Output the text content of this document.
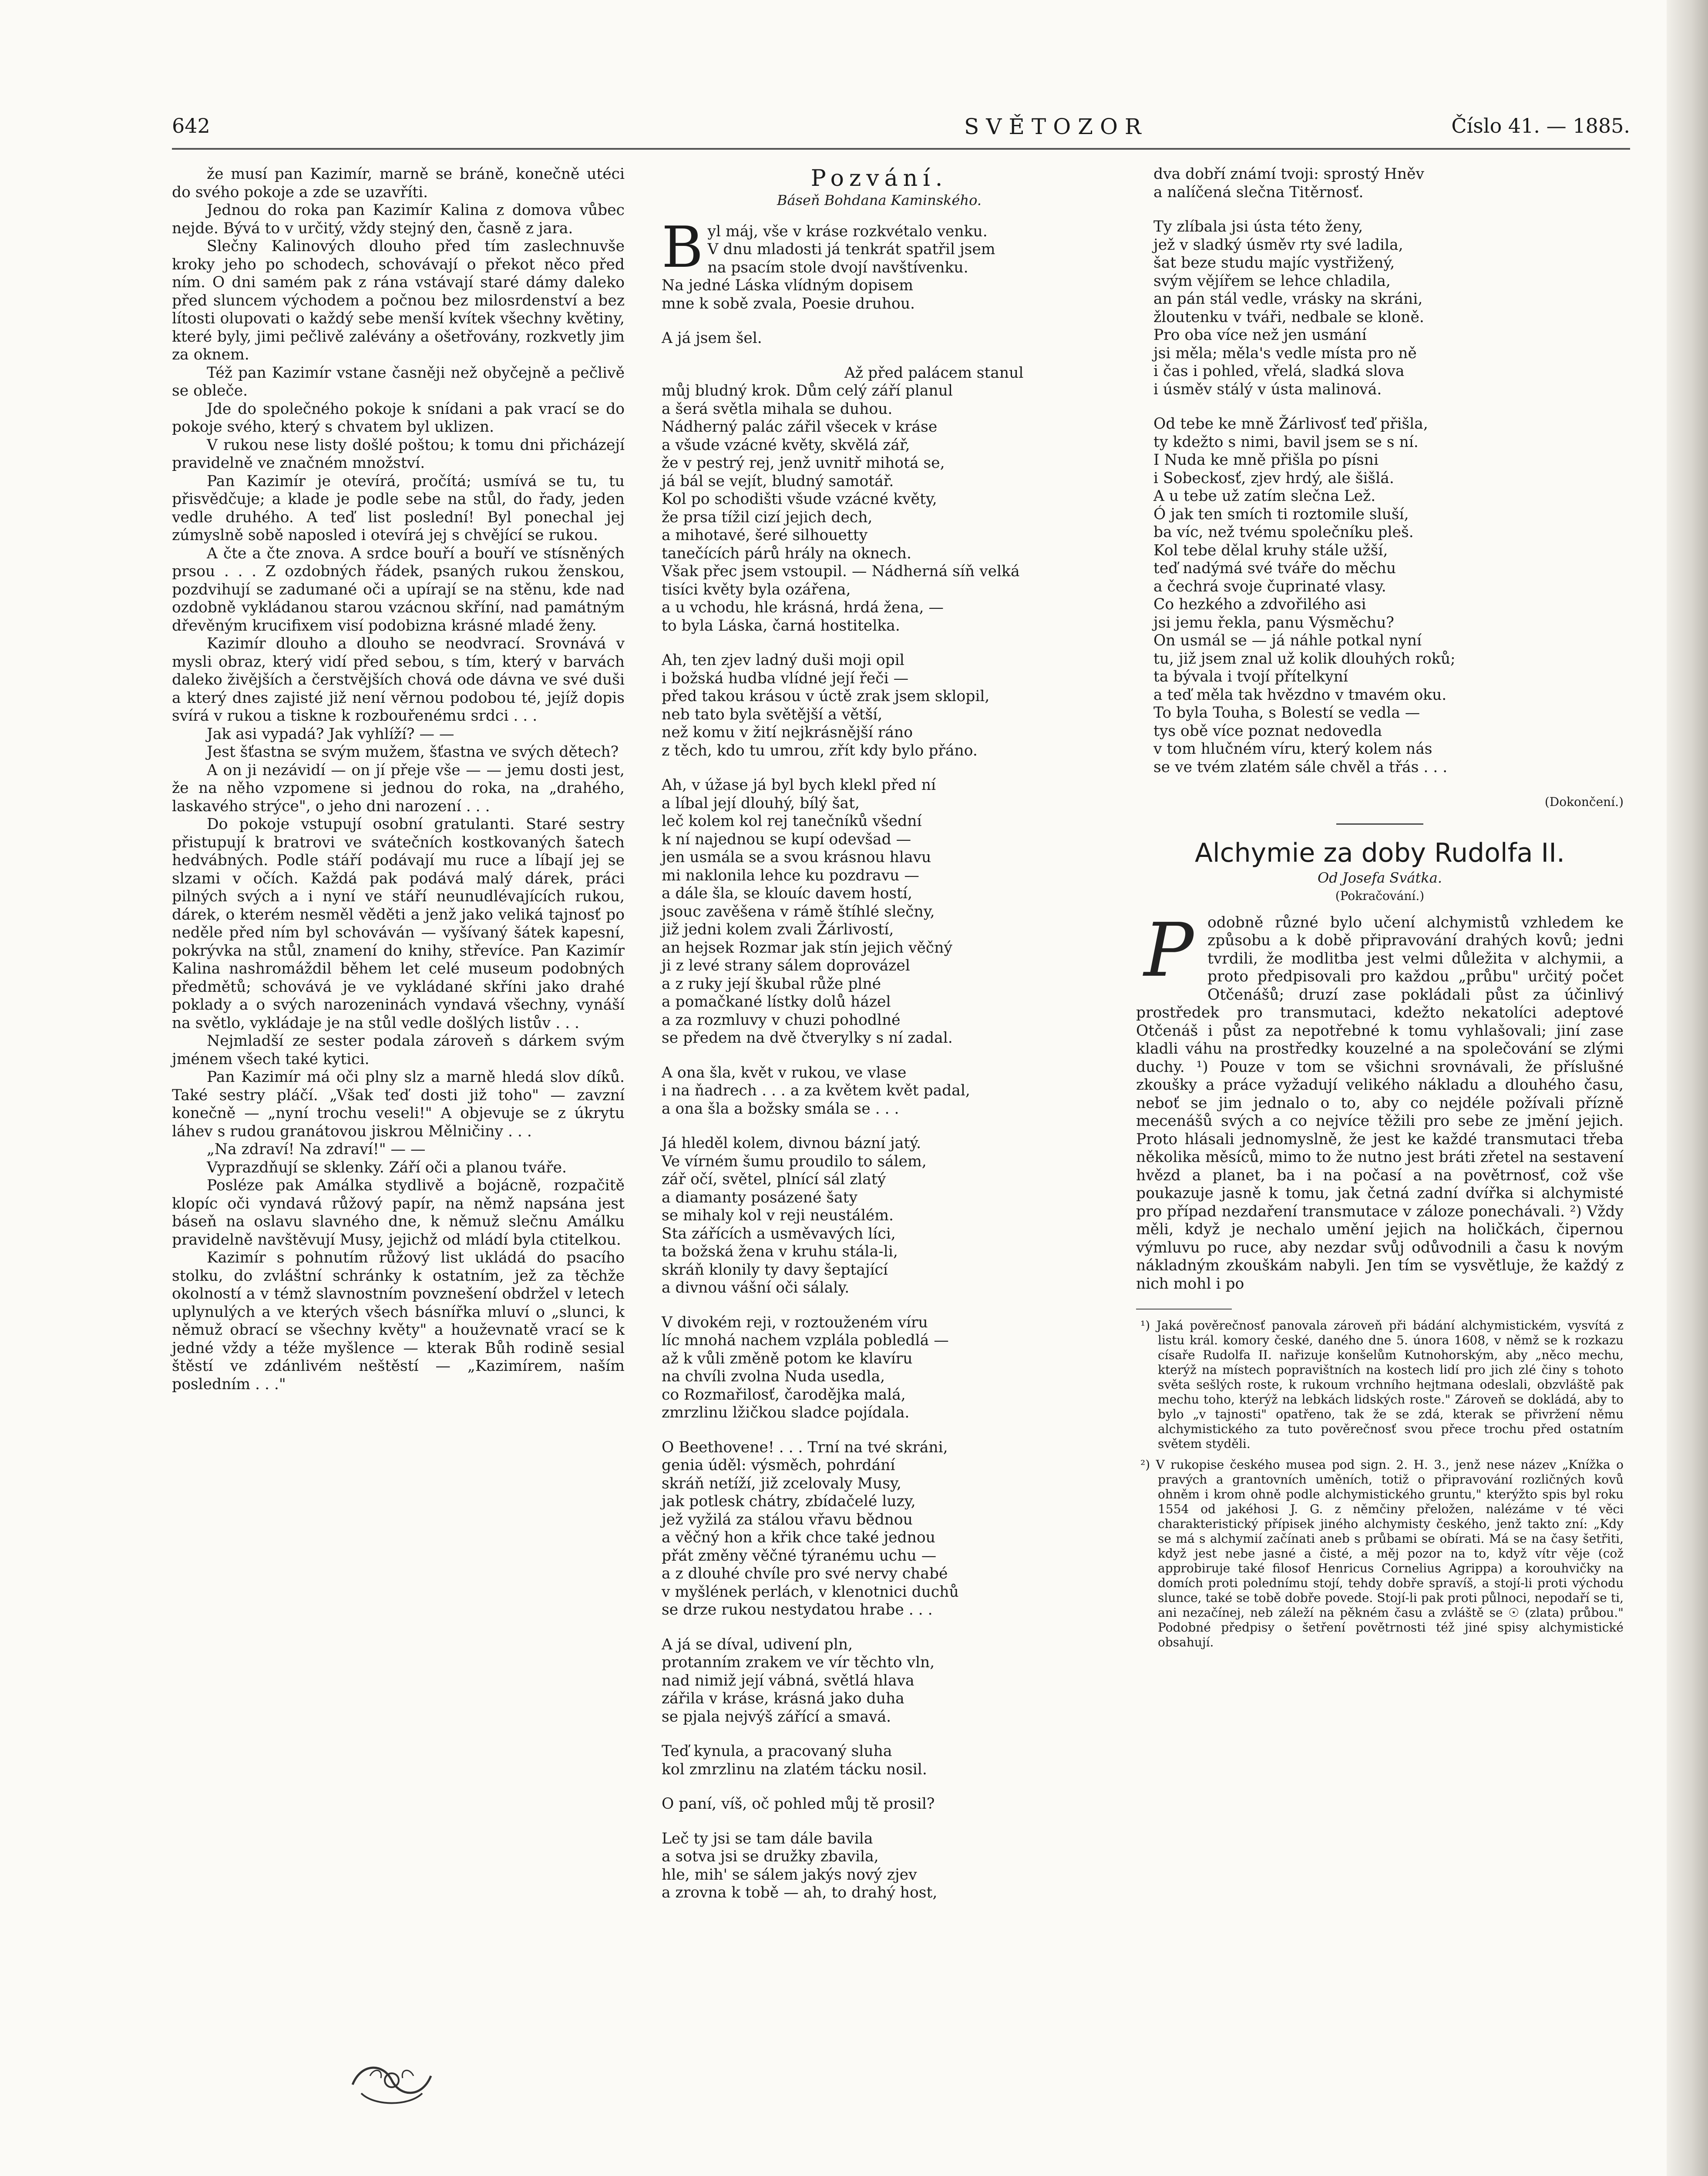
642	SVĚTOZOR	Číslo 41. — 1885.

že musí pan Kazimír, marně se bráně, konečně utéci do svého pokoje a zde se uzavříti.

Jednou do roka pan Kazimír Kalina z domova vůbec nejde. Bývá to v určitý, vždy stejný den, časně z jara.

Slečny Kalinových dlouho před tím zaslechnuvše kroky jeho po schodech, schovávají o překot něco před ním. O dni samém pak z rána vstávají staré dámy daleko před sluncem východem a počnou bez milosrdenství a bez lítosti olupovati o každý sebe menší kvítek všechny květiny, které byly, jimi pečlivě zalévány a ošetřovány, rozkvetly jim za oknem.

Též pan Kazimír vstane časněji než obyčejně a pečlivě se obleče.

Jde do společného pokoje k snídani a pak vrací se do pokoje svého, který s chvatem byl uklizen.

V rukou nese listy došlé poštou; k tomu dni přicházejí pravidelně ve značném množství.

Pan Kazimír je otevírá, pročítá; usmívá se tu, tu přisvědčuje; a klade je podle sebe na stůl, do řady, jeden vedle druhého. A teď list poslední! Byl ponechal jej zúmyslně sobě naposled i otevírá jej s chvějící se rukou.

A čte a čte znova. A srdce bouří a bouří ve stísněných prsou . . . Z ozdobných řádek, psaných rukou ženskou, pozdvihují se zadumané oči a upírají se na stěnu, kde nad ozdobně vykládanou starou vzácnou skříní, nad památným dřevěným krucifixem visí podobizna krásné mladé ženy.

Kazimír dlouho a dlouho se neodvrací. Srovnává v mysli obraz, který vidí před sebou, s tím, který v barvách daleko živějších a čerstvějších chová ode dávna ve své duši a který dnes zajisté již není věrnou podobou té, jejíž dopis svírá v rukou a tiskne k rozbouřenému srdci . . .

Jak asi vypadá? Jak vyhlíží? — —

Jest šťastna se svým mužem, šťastna ve svých dětech?

A on ji nezávidí — on jí přeje vše — — jemu dosti jest, že na něho vzpomene si jednou do roka, na „drahého, laskavého strýce", o jeho dni narození . . .

Do pokoje vstupují osobní gratulanti. Staré sestry přistupují k bratrovi ve svátečních kostkovaných šatech hedvábných. Podle stáří podávají mu ruce a líbají jej se slzami v očích. Každá pak podává malý dárek, práci pilných svých a i nyní ve stáří neunudlévajících rukou, dárek, o kterém nesměl věděti a jenž jako veliká tajnosť po neděle před ním byl schováván — vyšívaný šátek kapesní, pokrývka na stůl, znamení do knihy, střevíce. Pan Kazimír Kalina nashromáždil během let celé museum podobných předmětů; schovává je ve vykládané skříni jako drahé poklady a o svých narozeninách vyndavá všechny, vynáší na světlo, vykládaje je na stůl vedle došlých listův . . .

Nejmladší ze sester podala zároveň s dárkem svým jménem všech také kytici.

Pan Kazimír má oči plny slz a marně hledá slov díků. Také sestry pláčí. „Však teď dosti již toho" — zavzní konečně — „nyní trochu veseli!" A objevuje se z úkrytu láhev s rudou granátovou jiskrou Mělničiny . . .

„Na zdraví! Na zdraví!" — —

Vyprazdňují se sklenky. Září oči a planou tváře.

Posléze pak Amálka stydlivě a bojácně, rozpačitě klopíc oči vyndavá růžový papír, na němž napsána jest báseň na oslavu slavného dne, k němuž slečnu Amálku pravidelně navštěvují Musy, jejichž od mládí byla ctitelkou.

Kazimír s pohnutím růžový list ukládá do psacího stolku, do zvláštní schránky k ostatním, jež za těchže okolností a v témž slavnostním povznešení obdržel v letech uplynulých a ve kterých všech básnířka mluví o „slunci, k němuž obrací se všechny květy" a houževnatě vrací se k jedné vždy a téže myšlence — kterak Bůh rodině sesial štěstí ve zdánlivém neštěstí — „Kazimírem, naším posledním . . ."

Pozvání.
Báseň Bohdana Kaminského.
Byl máj, vše v kráse rozkvétalo venku.
V dnu mladosti já tenkrát spatřil jsem
na psacím stole dvojí navštívenku.
Na jedné Láska vlídným dopisem
mne k sobě zvala, Poesie druhou.
A já jsem šel.
Až před palácem stanul
můj bludný krok. Dům celý září planul
a šerá světla mihala se duhou.
Nádherný palác zářil všecek v kráse
a všude vzácné květy, skvělá zář,
že v pestrý rej, jenž uvnitř mihotá se,
já bál se vejít, bludný samotář.
Kol po schodišti všude vzácné květy,
že prsa tížil cizí jejich dech,
a mihotavé, šeré silhouetty
tanečících párů hrály na oknech.
Však přec jsem vstoupil. — Nádherná síň velká
tisíci květy byla ozářena,
a u vchodu, hle krásná, hrdá žena, —
to byla Láska, čarná hostitelka.
Ah, ten zjev ladný duši moji opil
i božská hudba vlídné její řeči —
před takou krásou v úctě zrak jsem sklopil,
neb tato byla světější a větší,
než komu v žití nejkrásnější ráno
z těch, kdo tu umrou, zřít kdy bylo přáno.
Ah, v úžase já byl bych klekl před ní
a líbal její dlouhý, bílý šat,
leč kolem kol rej tanečníků všední
k ní najednou se kupí odevšad —
jen usmála se a svou krásnou hlavu
mi naklonila lehce ku pozdravu —
a dále šla, se klouíc davem hostí,
jsouc zavěšena v rámě štíhlé slečny,
již jedni kolem zvali Žárlivostí,
an hejsek Rozmar jak stín jejich věčný
ji z levé strany sálem doprovázel
a z ruky její škubal růže plné
a pomačkané lístky dolů házel
a za rozmluvy v chuzi pohodlné
se předem na dvě čtverylky s ní zadal.
A ona šla, květ v rukou, ve vlase
i na ňadrech . . . a za květem květ padal,
a ona šla a božsky smála se . . .
Já hleděl kolem, divnou bázní jatý.
Ve vírném šumu proudilo to sálem,
zář očí, světel, plnící sál zlatý
a diamanty posázené šaty
se mihaly kol v reji neustálém.
Sta zářících a usměvavých líci,
ta božská žena v kruhu stála-li,
skráň klonily ty davy šeptající
a divnou vášní oči sálaly.
V divokém reji, v roztouženém víru
líc mnohá nachem vzplála pobledlá —
až k vůli změně potom ke klavíru
na chvíli zvolna Nuda usedla,
co Rozmařilosť, čarodějka malá,
zmrzlinu lžičkou sladce pojídala.
O Beethovene! . . . Trní na tvé skráni,
genia úděl: výsměch, pohrdání
skráň netíží, již zcelovaly Musy,
jak potlesk chátry, zbídačelé luzy,
jež vyžilá za stálou vřavu bědnou
a věčný hon a křik chce také jednou
přát změny věčné týranému uchu —
a z dlouhé chvíle pro své nervy chabé
v myšlének perlách, v klenotnici duchů
se drze rukou nestydatou hrabe . . .
A já se díval, udivení pln,
protanním zrakem ve vír těchto vln,
nad nimiž její vábná, světlá hlava
zářila v kráse, krásná jako duha
se pjala nejvýš zářící a smavá.
Teď kynula, a pracovaný sluha
kol zmrzlinu na zlatém tácku nosil.
O paní, víš, oč pohled můj tě prosil?
Leč ty jsi se tam dále bavila
a sotva jsi se družky zbavila,
hle, mih' se sálem jakýs nový zjev
a zrovna k tobě — ah, to drahý host,
dva dobří známí tvoji: sprostý Hněv
a nalíčená slečna Titěrnosť.
Ty zlíbala jsi ústa této ženy,
jež v sladký úsměv rty své ladila,
šat beze studu majíc vystřižený,
svým vějířem se lehce chladila,
an pán stál vedle, vrásky na skráni,
žloutenku v tváři, nedbale se kloně.
Pro oba více než jen usmání
jsi měla; měla's vedle místa pro ně
i čas i pohled, vřelá, sladká slova
i úsměv stálý v ústa malinová.
Od tebe ke mně Žárlivosť teď přišla,
ty kdežto s nimi, bavil jsem se s ní.
I Nuda ke mně přišla po písni
i Sobeckosť, zjev hrdý, ale šišlá.
A u tebe už zatím slečna Lež.
Ó jak ten smích ti roztomile sluší,
ba víc, než tvému společníku pleš.
Kol tebe dělal kruhy stále užší,
teď nadýmá své tváře do měchu
a čechrá svoje čuprinaté vlasy.
Co hezkého a zdvořilého asi
jsi jemu řekla, panu Výsměchu?
On usmál se — já náhle potkal nyní
tu, již jsem znal už kolik dlouhých roků;
ta bývala i tvojí přítelkyní
a teď měla tak hvězdno v tmavém oku.
To byla Touha, s Bolestí se vedla —
tys obě více poznat nedovedla
v tom hlučném víru, který kolem nás
se ve tvém zlatém sále chvěl a třás . . .
(Dokončení.)
Alchymie za doby Rudolfa II.
Od Josefa Svátka.
(Pokračování.)

Podobně různé bylo učení alchymistů vzhledem ke způsobu a k době připravování drahých kovů; jedni tvrdili, že modlitba jest velmi důležita v alchymii, a proto předpisovali pro každou „průbu" určitý počet Otčenášů; druzí zase pokládali půst za účinlivý prostředek pro transmutaci, kdežto nekatolíci adeptové Otčenáš i půst za nepotřebné k tomu vyhlašovali; jiní zase kladli váhu na prostředky kouzelné a na společování se zlými duchy. ¹) Pouze v tom se všichni srovnávali, že příslušné zkoušky a práce vyžadují velikého nákladu a dlouhého času, neboť se jim jednalo o to, aby co nejdéle požívali přízně mecenášů svých a co nejvíce těžili pro sebe ze jmění jejich. Proto hlásali jednomyslně, že jest ke každé transmutaci třeba několika měsíců, mimo to že nutno jest bráti zřetel na sestavení hvězd a planet, ba i na počasí a na povětrnosť, což vše poukazuje jasně k tomu, jak četná zadní dvířka si alchymisté pro případ nezdaření transmutace v záloze ponechávali. ²) Vždy měli, když je nechalo umění jejich na holičkách, čipernou výmluvu po ruce, aby nezdar svůj odůvodnili a času k novým nákladným zkouškám nabyli. Jen tím se vysvětluje, že každý z nich mohl i po

¹) Jaká pověrečnosť panovala zároveň při bádání alchymistickém, vysvítá z listu král. komory české, daného dne 5. února 1608, v němž se k rozkazu císaře Rudolfa II. nařizuje konšelům Kutnohorským, aby „něco mechu, kterýž na místech popravištních na kostech lidí pro jich zlé činy s tohoto světa sešlých roste, k rukoum vrchního hejtmana odeslali, obzvláště pak mechu toho, kterýž na lebkách lidských roste." Zároveň se dokládá, aby to bylo „v tajnosti" opatřeno, tak že se zdá, kterak se přivržení němu alchymistického za tuto pověrečnosť svou přece trochu před ostatním světem styděli.
²) V rukopise českého musea pod sign. 2. H. 3., jenž nese název „Knížka o pravých a grantovních uměních, totiž o připravování rozličných kovů ohněm i krom ohně podle alchymistického gruntu," kterýžto spis byl roku 1554 od jakéhosi J. G. z němčiny přeložen, nalézáme v té věci charakteristický přípisek jiného alchymisty českého, jenž takto zní: „Kdy se má s alchymií začínati aneb s průbami se obírati. Má se na časy šetřiti, když jest nebe jasné a čisté, a měj pozor na to, když vítr věje (což approbiruje také filosof Henricus Cornelius Agrippa) a korouhvičky na domích proti polednímu stojí, tehdy dobře spravíš, a stojí-li proti východu slunce, také se tobě dobře povede. Stojí-li pak proti půlnoci, nepodaří se ti, ani nezačínej, neb záleží na pěkném času a zvláště se ☉ (zlata) průbou." Podobné předpisy o šetření povětrnosti též jiné spisy alchymistické obsahují.
